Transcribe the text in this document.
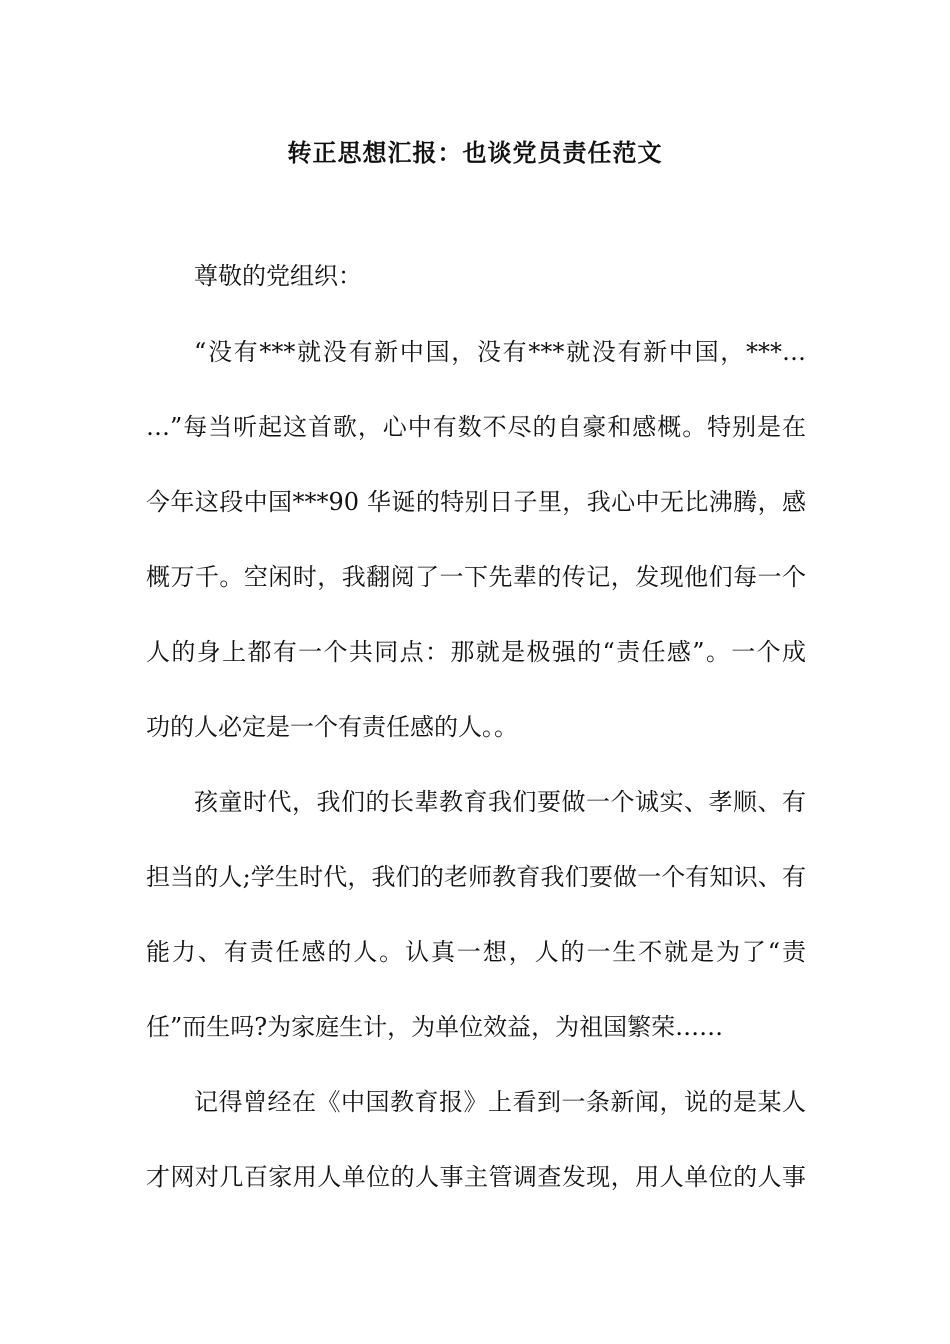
转正思想汇报：也谈党员责任范文
尊敬的党组织：
“没有***就没有新中国，没有***就没有新中国，***…
…”每当听起这首歌，心中有数不尽的自豪和感概。特别是在
今年这段中国***90 华诞的特别日子里，我心中无比沸腾，感
概万千。空闲时，我翻阅了一下先辈的传记，发现他们每一个
人的身上都有一个共同点：那就是极强的“责任感”。一个成
功的人必定是一个有责任感的人。。
孩童时代，我们的长辈教育我们要做一个诚实、孝顺、有
担当的人;学生时代，我们的老师教育我们要做一个有知识、有
能力、有责任感的人。认真一想，人的一生不就是为了“责
任”而生吗?为家庭生计，为单位效益，为祖国繁荣……
记得曾经在《中国教育报》上看到一条新闻，说的是某人
才网对几百家用人单位的人事主管调查发现，用人单位的人事
